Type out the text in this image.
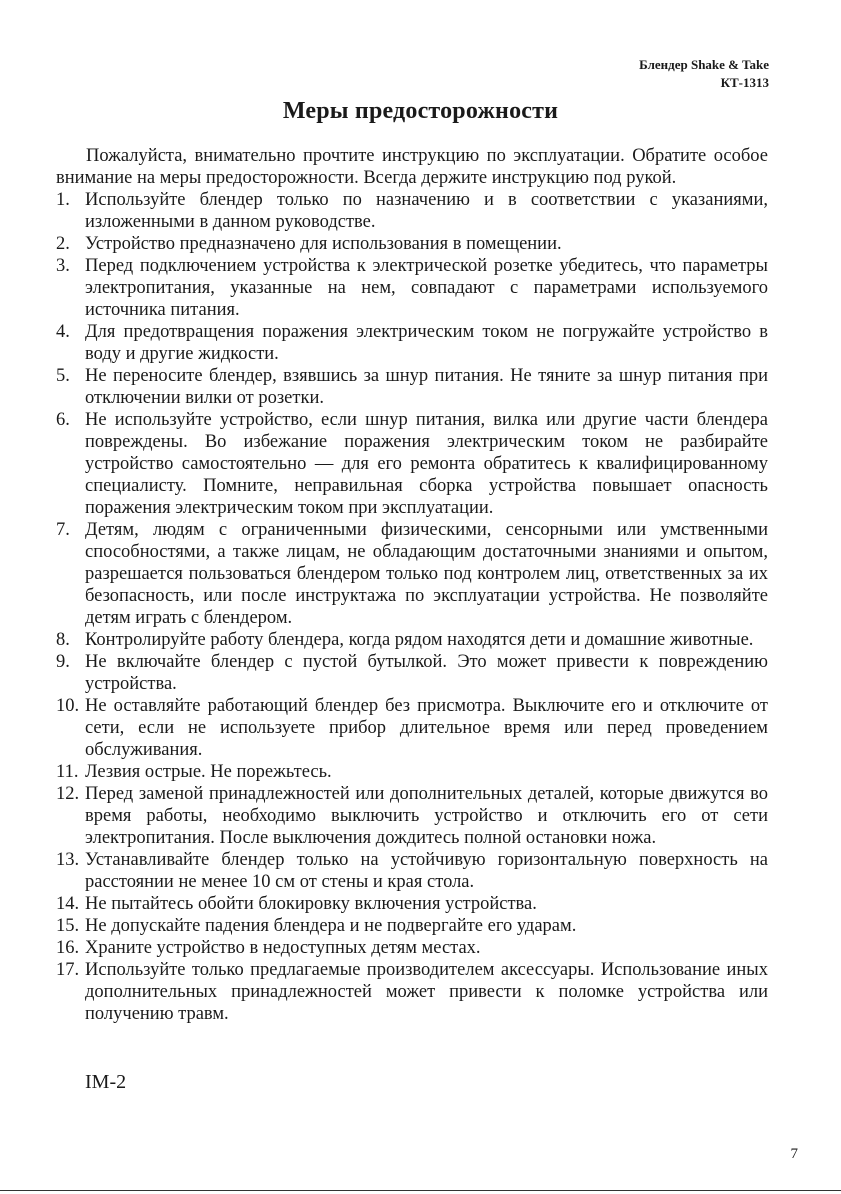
Блендер Shake & Take
КТ-1313
Меры предосторожности

Пожалуйста, внимательно прочтите инструкцию по эксплуатации. Обратите особое внимание на меры предосторожности. Всегда держите инструкцию под рукой.

1. Используйте блендер только по назначению и в соответствии с указаниями, изложенными в данном руководстве.
2. Устройство предназначено для использования в помещении.
3. Перед подключением устройства к электрической розетке убедитесь, что параметры электропитания, указанные на нем, совпадают с параметрами используемого источника питания.
4. Для предотвращения поражения электрическим током не погружайте устройство в воду и другие жидкости.
5. Не переносите блендер, взявшись за шнур питания. Не тяните за шнур питания при отключении вилки от розетки.
6. Не используйте устройство, если шнур питания, вилка или другие части блендера повреждены. Во избежание поражения электрическим током не разбирайте устройство самостоятельно — для его ремонта обратитесь к квалифицированному специалисту. Помните, неправильная сборка устройства повышает опасность поражения электрическим током при эксплуатации.
7. Детям, людям с ограниченными физическими, сенсорными или умственными способностями, а также лицам, не обладающим достаточными знаниями и опытом, разрешается пользоваться блендером только под контролем лиц, ответственных за их безопасность, или после инструктажа по эксплуатации устройства. Не позволяйте детям играть с блендером.
8. Контролируйте работу блендера, когда рядом находятся дети и домашние животные.
9. Не включайте блендер с пустой бутылкой. Это может привести к повреждению устройства.
10. Не оставляйте работающий блендер без присмотра. Выключите его и отключите от сети, если не используете прибор длительное время или перед проведением обслуживания.
11. Лезвия острые. Не порежьтесь.
12. Перед заменой принадлежностей или дополнительных деталей, которые движутся во время работы, необходимо выключить устройство и отключить его от сети электропитания. После выключения дождитесь полной остановки ножа.
13. Устанавливайте блендер только на устойчивую горизонтальную поверхность на расстоянии не менее 10 см от стены и края стола.
14. Не пытайтесь обойти блокировку включения устройства.
15. Не допускайте падения блендера и не подвергайте его ударам.
16. Храните устройство в недоступных детям местах.
17. Используйте только предлагаемые производителем аксессуары. Использование иных дополнительных принадлежностей может привести к поломке устройства или получению травм.
IM-2
7
